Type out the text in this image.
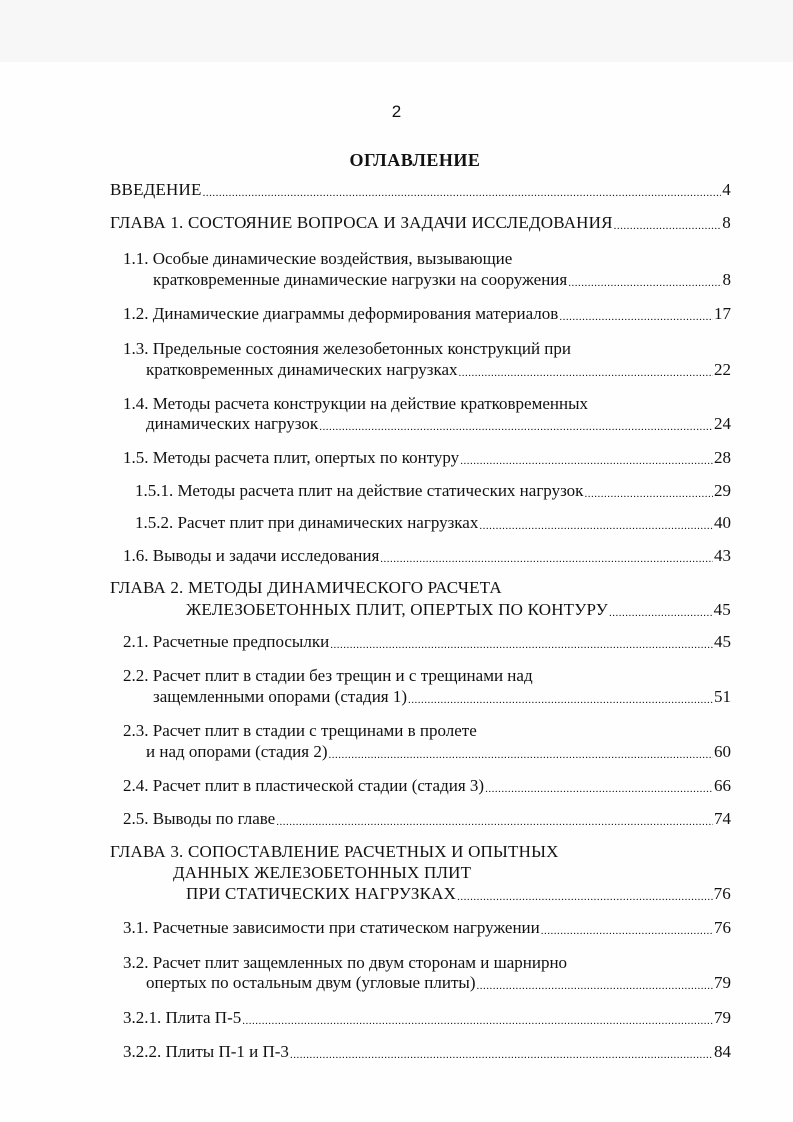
2
ОГЛАВЛЕНИЕ
ВВЕДЕНИЕ .....	4
ГЛАВА 1. СОСТОЯНИЕ ВОПРОСА И ЗАДАЧИ ИССЛЕДОВАНИЯ .....	8
1.1. Особые динамические воздействия, вызывающие
кратковременные динамические нагрузки на сооружения .....	8
1.2. Динамические диаграммы деформирования материалов .....	17
1.3. Предельные состояния железобетонных конструкций при
кратковременных динамических нагрузках .....	22
1.4. Методы расчета конструкции на действие кратковременных
динамических нагрузок .....	24
1.5. Методы расчета плит, опертых по контуру .....	28
1.5.1. Методы расчета плит на действие статических нагрузок .....	29
1.5.2. Расчет плит при динамических нагрузках .....	40
1.6. Выводы и задачи исследования .....	43
ГЛАВА 2. МЕТОДЫ ДИНАМИЧЕСКОГО РАСЧЕТА
ЖЕЛЕЗОБЕТОННЫХ ПЛИТ, ОПЕРТЫХ ПО КОНТУРУ .....	45
2.1. Расчетные предпосылки .....	45
2.2. Расчет плит в стадии без трещин и с трещинами над
защемленными опорами (стадия 1) .....	51
2.3. Расчет плит в стадии с трещинами в пролете
и над опорами (стадия 2) .....	60
2.4. Расчет плит в пластической стадии (стадия 3) .....	66
2.5. Выводы по главе .....	74
ГЛАВА 3. СОПОСТАВЛЕНИЕ РАСЧЕТНЫХ И ОПЫТНЫХ
ДАННЫХ ЖЕЛЕЗОБЕТОННЫХ ПЛИТ
ПРИ СТАТИЧЕСКИХ НАГРУЗКАХ .....	76
3.1. Расчетные зависимости при статическом нагружении .....	76
3.2. Расчет плит защемленных по двум сторонам и шарнирно
опертых по остальным двум (угловые плиты) .....	79
3.2.1. Плита П-5 .....	79
3.2.2. Плиты П-1 и П-3 .....	84
